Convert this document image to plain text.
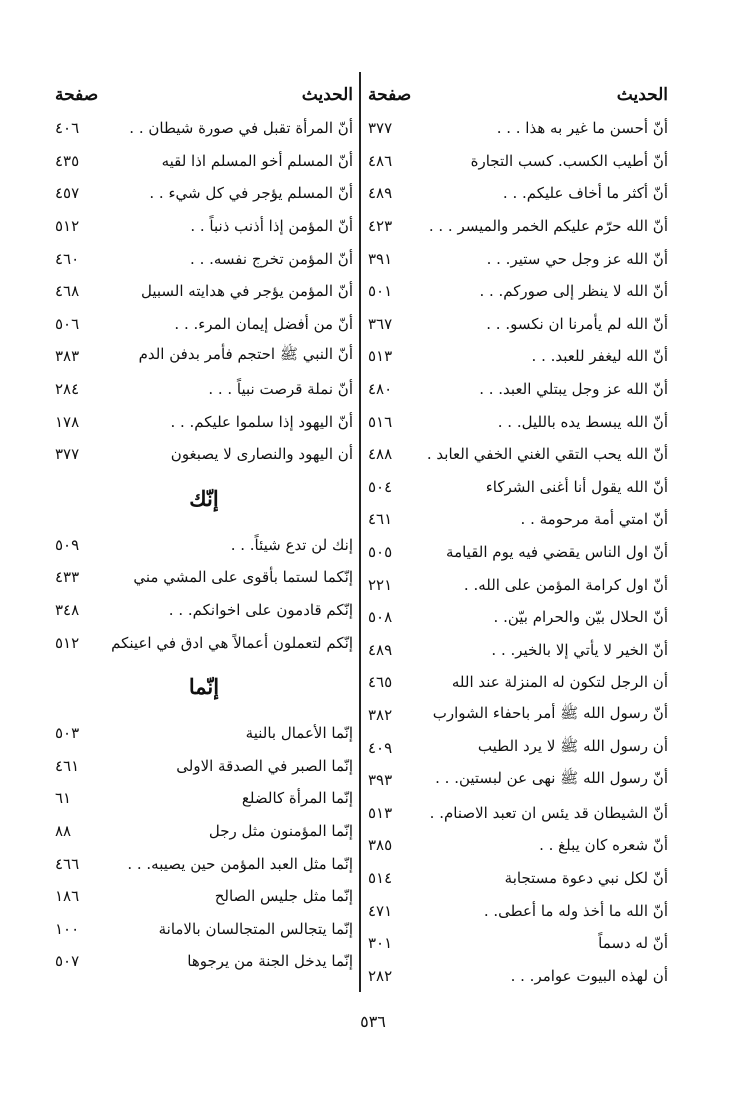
صفحة	الحديث
٣٧٧	أنّ أحسن ما غير به هذا . . .
٤٨٦	أنّ أطيب الكسب. كسب التجارة
٤٨٩	أنّ أكثر ما أخاف عليكم. . .
٤٢٣	أنّ الله حرّم عليكم الخمر والميسر . . .
٣٩١	أنّ الله عز وجل حي ستير. . .
٥٠١	أنّ الله لا ينظر إلى صوركم. . .
٣٦٧	أنّ الله لم يأمرنا ان نكسو. . .
٥١٣	أنّ الله ليغفر للعبد. . .
٤٨٠	أنّ الله عز وجل يبتلي العبد. . .
٥١٦	أنّ الله يبسط يده بالليل. . .
٤٨٨	أنّ الله يحب التقي الغني الخفي العابد .
٥٠٤	أنّ الله يقول أنا أغنى الشركاء
٤٦١	أنّ امتي أمة مرحومة . .
٥٠٥	أنّ اول الناس يقضي فيه يوم القيامة
٢٢١	أنّ اول كرامة المؤمن على الله. .
٥٠٨	أنّ الحلال بيّن والحرام بيّن. .
٤٨٩	أنّ الخير لا يأتي إلا بالخير. . .
٤٦٥	أن الرجل لتكون له المنزلة عند الله
٣٨٢	أنّ رسول الله ﷺ أمر باحفاء الشوارب
٤٠٩	أن رسول الله ﷺ لا يرد الطيب
٣٩٣	أنّ رسول الله ﷺ نهى عن لبستين. . .
٥١٣	أنّ الشيطان قد يئس ان تعبد الاصنام. .
٣٨٥	أنّ شعره كان يبلغ . .
٥١٤	أنّ لكل نبي دعوة مستجابة
٤٧١	أنّ الله ما أخذ وله ما أعطى. .
٣٠١	أنّ له دسماً
٢٨٢	أن لهذه البيوت عوامر. . .
صفحة	الحديث
٤٠٦	أنّ المرأة تقبل في صورة شيطان . .
٤٣٥	أنّ المسلم أخو المسلم اذا لقيه
٤٥٧	أنّ المسلم يؤجر في كل شيء . .
٥١٢	أنّ المؤمن إذا أذنب ذنباً . .
٤٦٠	أنّ المؤمن تخرج نفسه. . .
٤٦٨	أنّ المؤمن يؤجر في هدايته السبيل
٥٠٦	أنّ من أفضل إيمان المرء. . .
٣٨٣	أنّ النبي ﷺ احتجم فأمر بدفن الدم
٢٨٤	أنّ نملة قرصت نبياً . . .
١٧٨	أنّ اليهود إذا سلموا عليكم. . .
٣٧٧	أن اليهود والنصارى لا يصبغون
إنّك
٥٠٩	إنك لن تدع شيئاً. . .
٤٣٣	إنّكما لستما بأقوى على المشي مني
٣٤٨	إنّكم قادمون على اخوانكم. . .
٥١٢	إنّكم لتعملون أعمالاً هي ادق في اعينكم
إنّما
٥٠٣	إنّما الأعمال بالنية
٤٦١	إنّما الصبر في الصدقة الاولى
٦١	إنّما المرأة كالضلع
٨٨	إنّما المؤمنون مثل رجل
٤٦٦	إنّما مثل العبد المؤمن حين يصيبه. . .
١٨٦	إنّما مثل جليس الصالح
١٠٠	إنّما يتجالس المتجالسان بالامانة
٥٠٧	إنّما يدخل الجنة من يرجوها
٥٣٦
